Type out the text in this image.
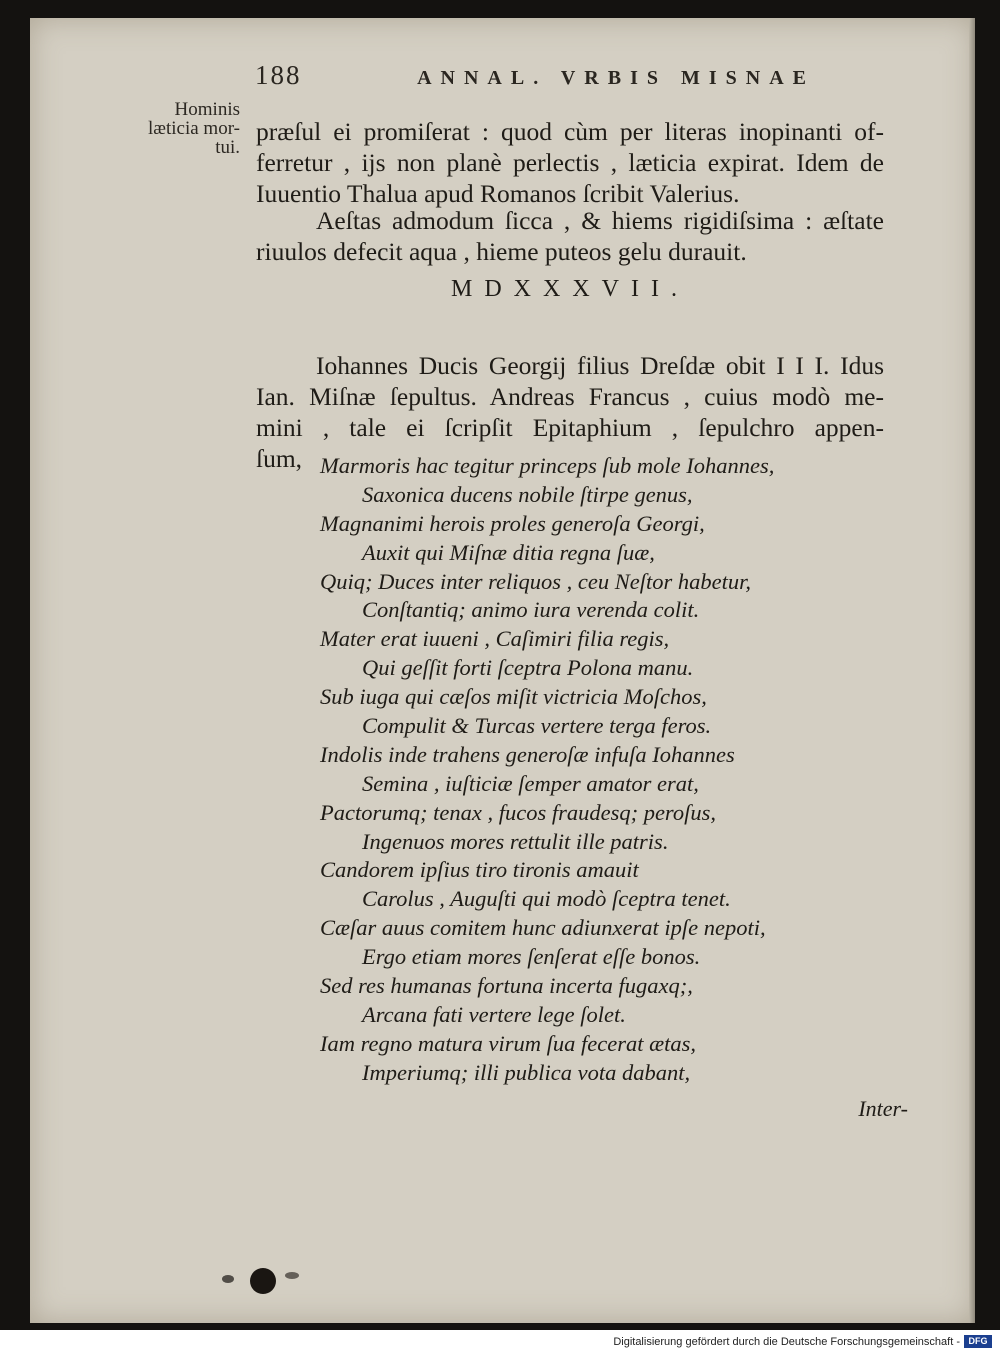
188	ANNAL. VRBIS MISNAE
Hominis
læticia mor-
tui.
præſul ei promiſerat : quod cùm per literas inopinanti of-
ferretur , ijs non planè perlectis , læticia expirat. Idem de
Iuuentio Thalua apud Romanos ſcribit Valerius.
Aeſtas admodum ſicca , & hiems rigidiſsima : æſtate
riuulos defecit aqua , hieme puteos gelu durauit.
MDXXXVII.
Iohannes Ducis Georgij filius Dreſdæ obit I I I. Idus
Ian. Miſnæ ſepultus. Andreas Francus , cuius modò me-
mini , tale ei ſcripſit Epitaphium , ſepulchro appen-
ſum, Marmoris hac tegitur princeps ſub mole Iohannes,
Saxonica ducens nobile ſtirpe genus,
Magnanimi herois proles generoſa Georgi,
Auxit qui Miſnæ ditia regna ſuæ,
Quiq; Duces inter reliquos , ceu Neſtor habetur,
Conſtantiq; animo iura verenda colit.
Mater erat iuueni , Caſimiri filia regis,
Qui geſſit forti ſceptra Polona manu.
Sub iuga qui cæſos miſit victricia Moſchos,
Compulit & Turcas vertere terga feros.
Indolis inde trahens generoſæ infuſa Iohannes
Semina , iuſticiæ ſemper amator erat,
Pactorumq; tenax , fucos fraudesq; peroſus,
Ingenuos mores rettulit ille patris.
Candorem ipſius tiro tironis amauit
Carolus , Auguſti qui modò ſceptra tenet.
Cæſar auus comitem hunc adiunxerat ipſe nepoti,
Ergo etiam mores ſenſerat eſſe bonos.
Sed res humanas fortuna incerta fugaxq;,
Arcana fati vertere lege ſolet.
Iam regno matura virum ſua fecerat ætas,
Imperiumq; illi publica vota dabant,
Inter-
Digitalisierung gefördert durch die Deutsche Forschungsgemeinschaft - DFG
